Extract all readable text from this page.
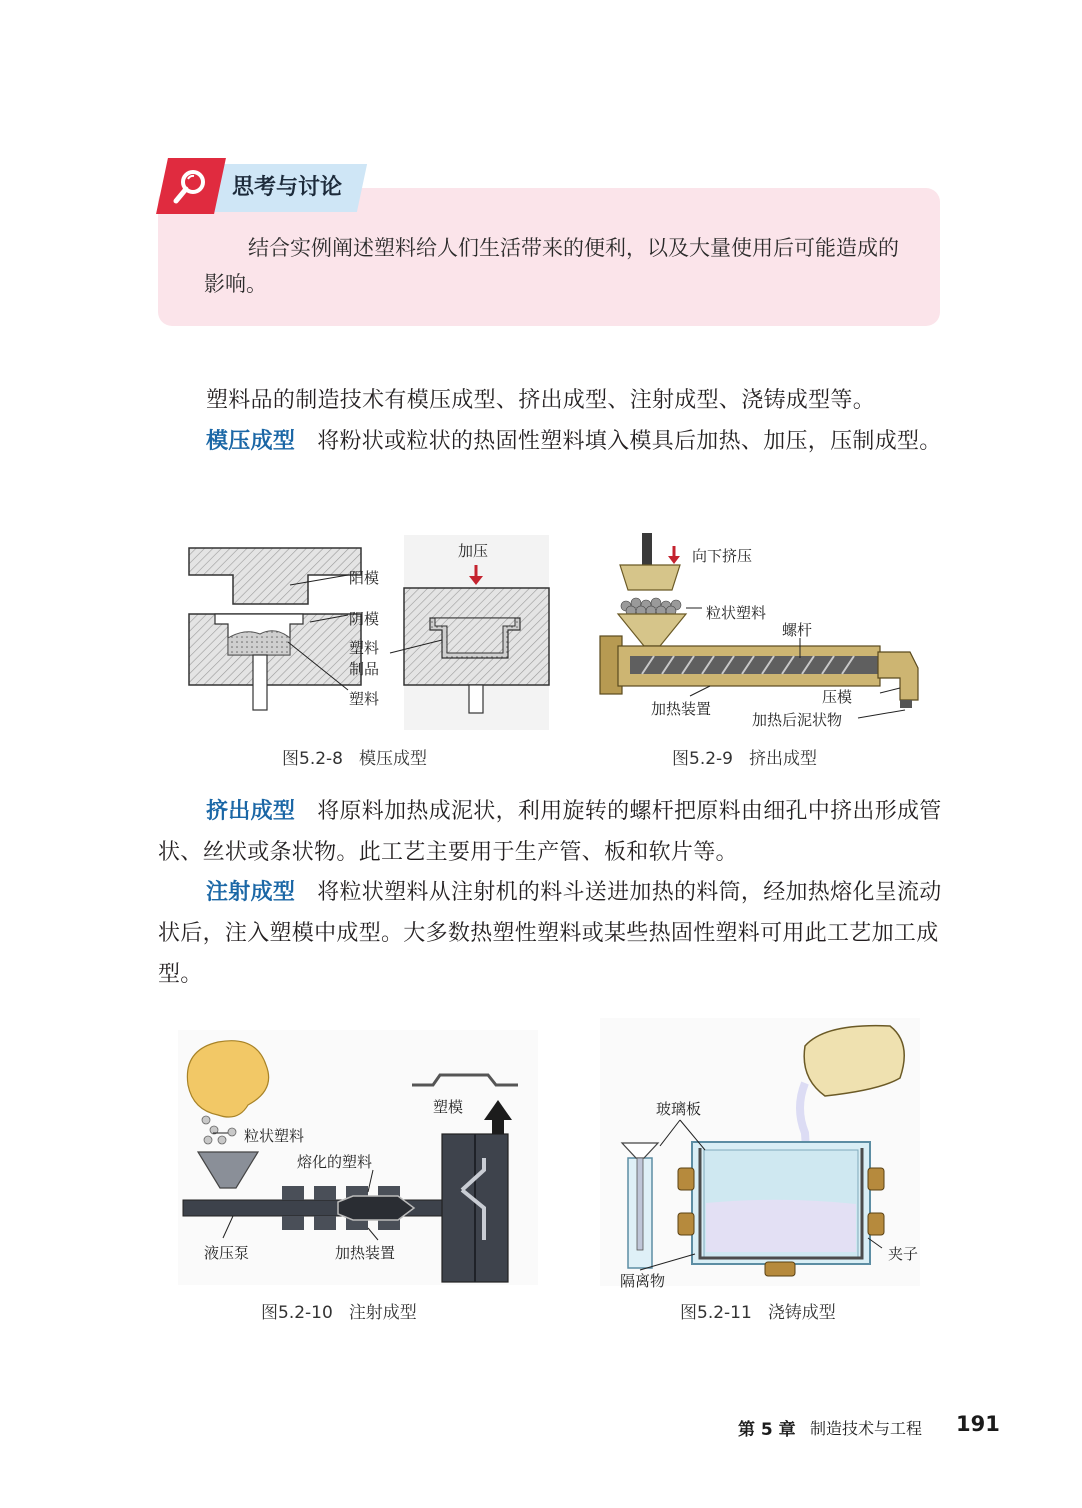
思考与讨论
结合实例阐述塑料给人们生活带来的便利，以及大量使用后可能造成的影响。
塑料品的制造技术有模压成型、挤出成型、注射成型、浇铸成型等。
模压成型 将粉状或粒状的热固性塑料填入模具后加热、加压，压制成型。
阳模
阴模
塑料
制品
塑料
加压
图5.2-8 模压成型
向下挤压
粒状塑料
螺杆
加热装置
压模
加热后泥状物
图5.2-9 挤出成型
挤出成型 将原料加热成泥状，利用旋转的螺杆把原料由细孔中挤出形成管状、丝状或条状物。此工艺主要用于生产管、板和软片等。
注射成型 将粒状塑料从注射机的料斗送进加热的料筒，经加热熔化呈流动状后，注入塑模中成型。大多数热塑性塑料或某些热固性塑料可用此工艺加工成型。
粒状塑料
熔化的塑料
塑模
液压泵	加热装置
图5.2-10 注射成型
玻璃板
夹子
隔离物
图5.2-11 浇铸成型
第 5 章 制造技术与工程 191
